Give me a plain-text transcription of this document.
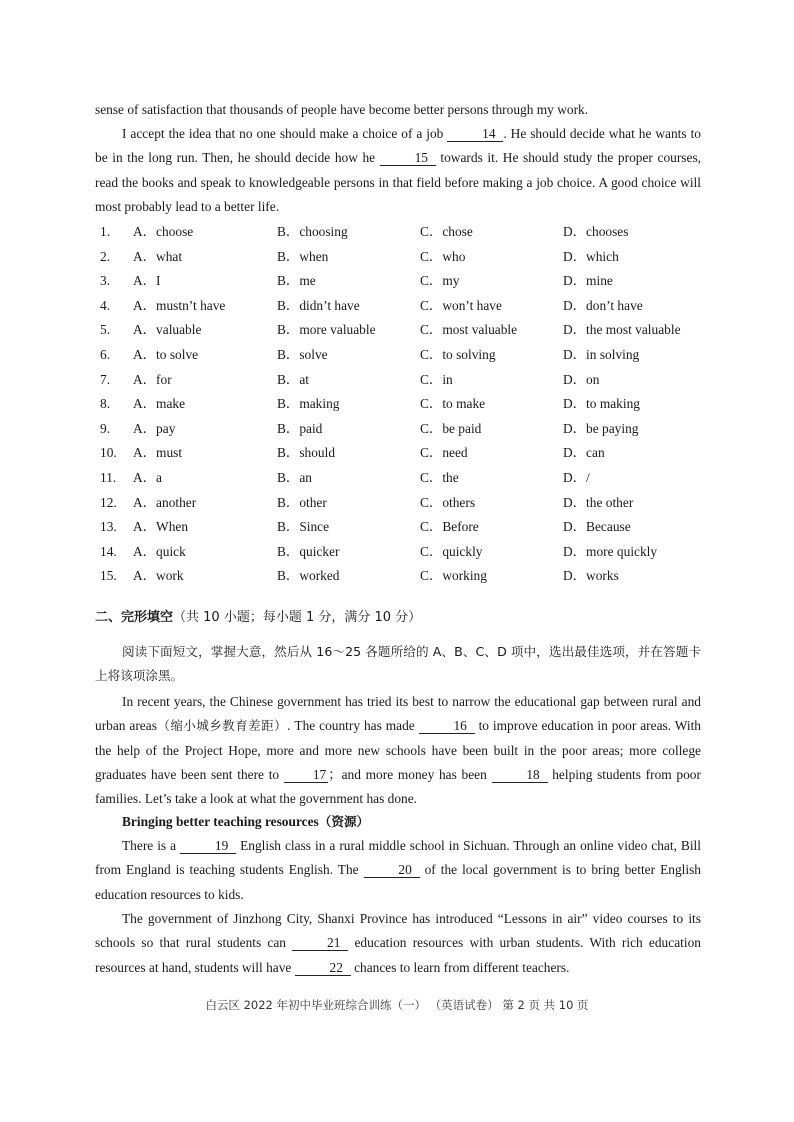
sense of satisfaction that thousands of people have become better persons through my work.
I accept the idea that no one should make a choice of a job	14 . He should decide what he wants to be in the long run. Then, he should decide how he	15 towards it. He should study the proper courses, read the books and speak to knowledgeable persons in that field before making a job choice. A good choice will most probably lead to a better life.
1. A．choose	B．choosing	C．chose	D．chooses
2. A．what	B．when	C．who	D．which
3. A．I	B．me	C．my	D．mine
4. A．mustn’t have	B．didn’t have	C．won’t have	D．don’t have
5. A．valuable	B．more valuable	C．most valuable	D．the most valuable
6. A．to solve	B．solve	C．to solving	D．in solving
7. A．for	B．at	C．in	D．on
8. A．make	B．making	C．to make	D．to making
9. A．pay	B．paid	C．be paid	D．be paying
10. A．must	B．should	C．need	D．can
11. A．a	B．an	C．the	D．/
12. A．another	B．other	C．others	D．the other
13. A．When	B．Since	C．Before	D．Because
14. A．quick	B．quicker	C．quickly	D．more quickly
15. A．work	B．worked	C．working	D．works
二、完形填空（共 10 小题；每小题 1 分，满分 10 分）
阅读下面短文，掌握大意，然后从 16～25 各题所给的 A、B、C、D 项中，选出最佳选项，并在答题卡上将该项涂黑。
In recent years, the Chinese government has tried its best to narrow the educational gap between rural and urban areas（缩小城乡教育差距）. The country has made	16 to improve education in poor areas. With the help of the Project Hope, more and more new schools have been built in the poor areas; more college graduates have been sent there to	17 ；and more money has been	18 helping students from poor families. Let’s take a look at what the government has done.
Bringing better teaching resources（资源）
There is a	19 English class in a rural middle school in Sichuan. Through an online video chat, Bill from England is teaching students English. The	20 of the local government is to bring better English education resources to kids.
The government of Jinzhong City, Shanxi Province has introduced “Lessons in air” video courses to its schools so that rural students can	21 education resources with urban students. With rich education resources at hand, students will have	22 chances to learn from different teachers.
白云区 2022 年初中毕业班综合训练（一） （英语试卷） 第 2 页 共 10 页
